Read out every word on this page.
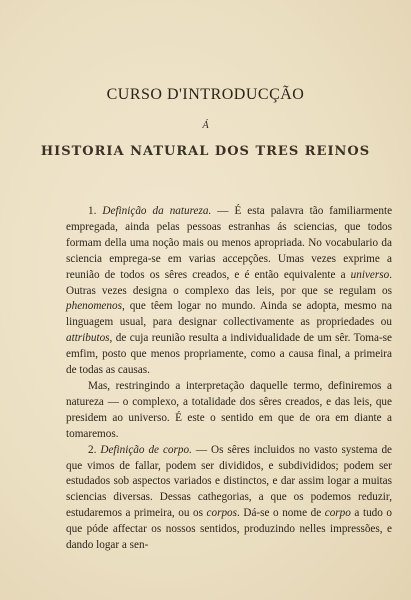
CURSO D'INTRODUCÇÃO
Á
HISTORIA NATURAL DOS TRES REINOS

1. Definição da natureza. — É esta palavra tão familiarmente empregada, ainda pelas pessoas estranhas ás sciencias, que todos formam della uma noção mais ou menos apropriada. No vocabulario da sciencia emprega-se em varias accepções. Umas vezes exprime a reunião de todos os sêres creados, e é então equivalente a universo. Outras vezes designa o complexo das leis, por que se regulam os phenomenos, que têem logar no mundo. Ainda se adopta, mesmo na linguagem usual, para designar collectivamente as propriedades ou attributos, de cuja reunião resulta a individualidade de um sêr. Toma-se emfim, posto que menos propriamente, como a causa final, a primeira de todas as causas.

Mas, restringindo a interpretação daquelle termo, definiremos a natureza — o complexo, a totalidade dos sêres creados, e das leis, que presidem ao universo. É este o sentido em que de ora em diante a tomaremos.

2. Definição de corpo. — Os sêres incluidos no vasto systema de que vimos de fallar, podem ser divididos, e subdivididos; podem ser estudados sob aspectos variados e distinctos, e dar assim logar a muitas sciencias diversas. Dessas cathegorias, a que os podemos reduzir, estudaremos a primeira, ou os corpos. Dá-se o nome de corpo a tudo o que póde affectar os nossos sentidos, produzindo nelles impressões, e dando logar a sen-
